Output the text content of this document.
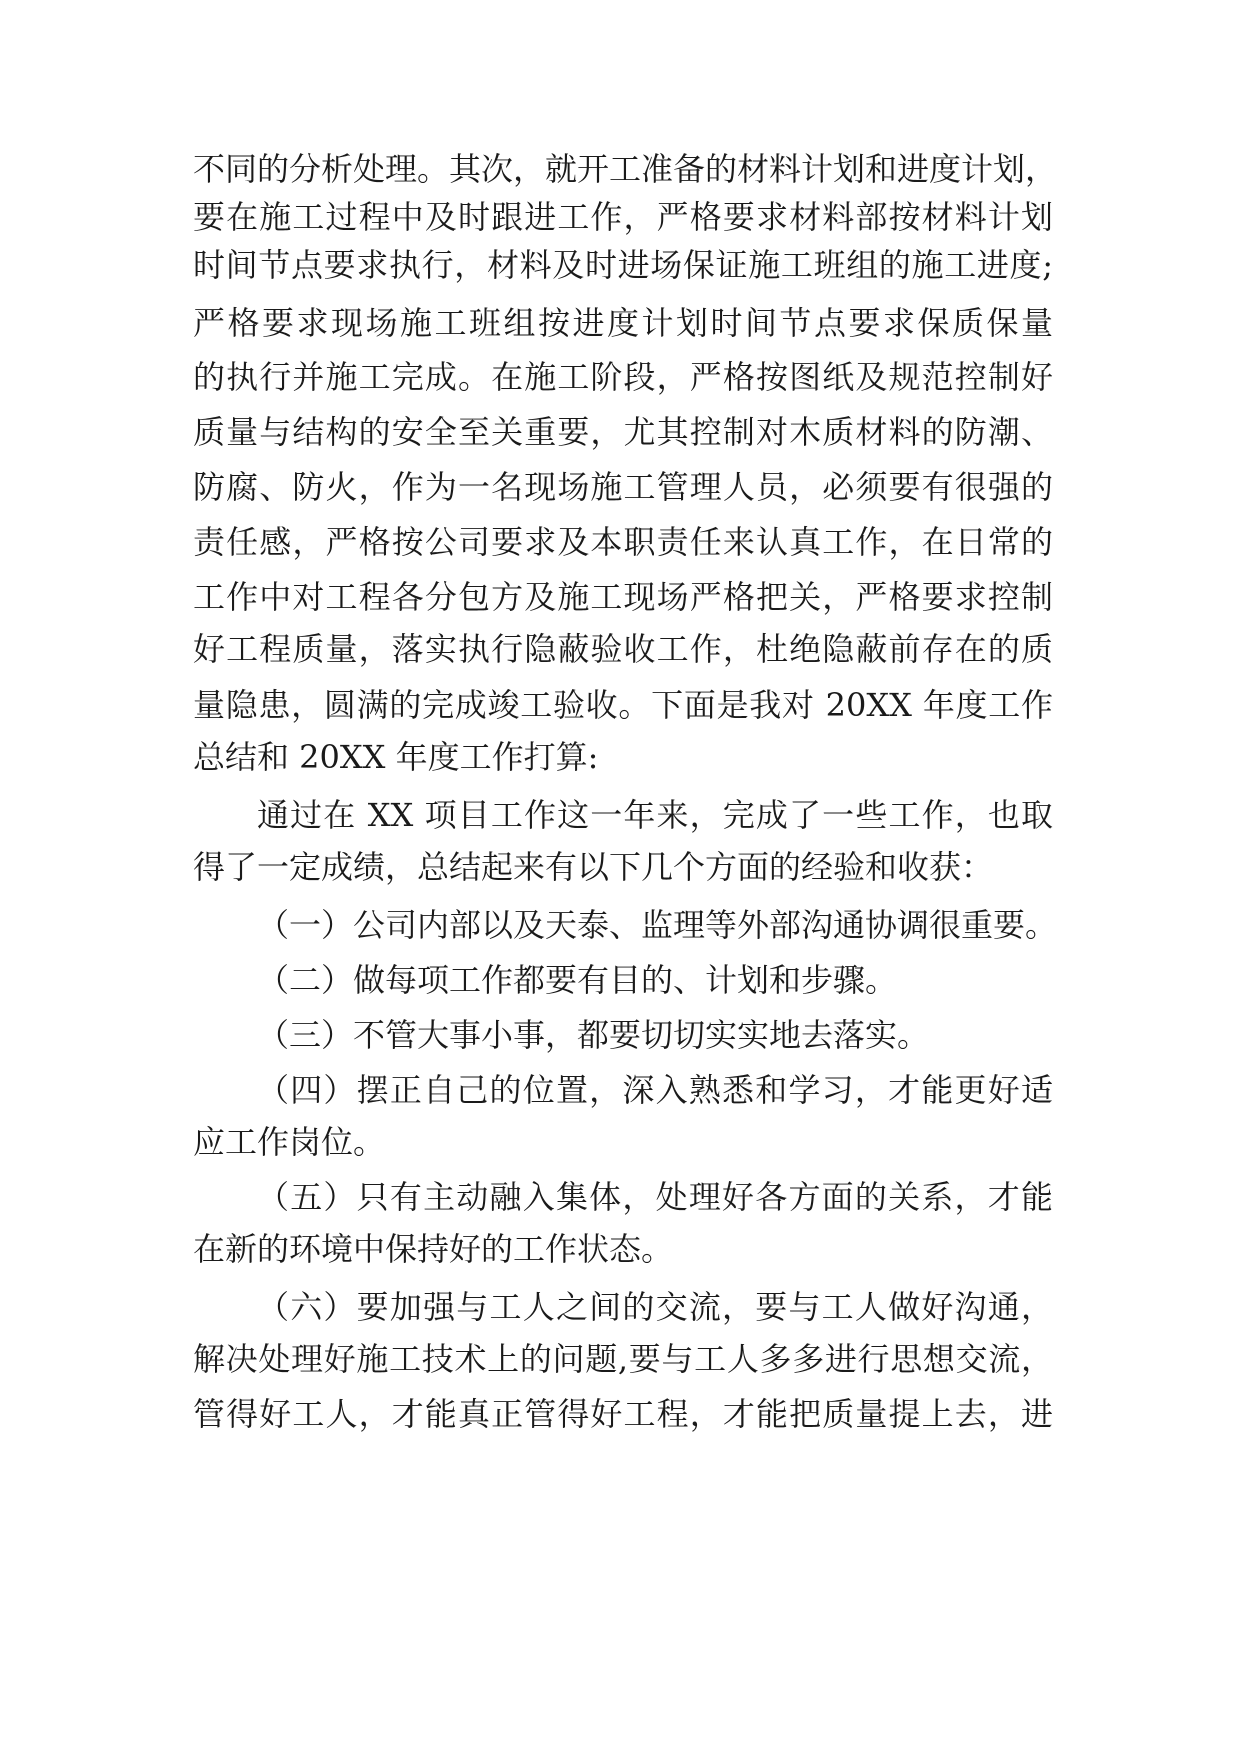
不同的分析处理。其次，就开工准备的材料计划和进度计划，
要在施工过程中及时跟进工作，严格要求材料部按材料计划
时间节点要求执行，材料及时进场保证施工班组的施工进度;
严格要求现场施工班组按进度计划时间节点要求保质保量
的执行并施工完成。在施工阶段，严格按图纸及规范控制好
质量与结构的安全至关重要，尤其控制对木质材料的防潮、
防腐、防火，作为一名现场施工管理人员，必须要有很强的
责任感，严格按公司要求及本职责任来认真工作，在日常的
工作中对工程各分包方及施工现场严格把关，严格要求控制
好工程质量，落实执行隐蔽验收工作，杜绝隐蔽前存在的质
量隐患，圆满的完成竣工验收。下面是我对 20XX 年度工作
总结和 20XX 年度工作打算:
通过在 XX 项目工作这一年来，完成了一些工作，也取
得了一定成绩，总结起来有以下几个方面的经验和收获：
（一）公司内部以及天泰、监理等外部沟通协调很重要。
（二）做每项工作都要有目的、计划和步骤。
（三）不管大事小事，都要切切实实地去落实。
（四）摆正自己的位置，深入熟悉和学习，才能更好适
应工作岗位。
（五）只有主动融入集体，处理好各方面的关系，才能
在新的环境中保持好的工作状态。
（六）要加强与工人之间的交流，要与工人做好沟通，
解决处理好施工技术上的问题,要与工人多多进行思想交流，
管得好工人，才能真正管得好工程，才能把质量提上去，进
